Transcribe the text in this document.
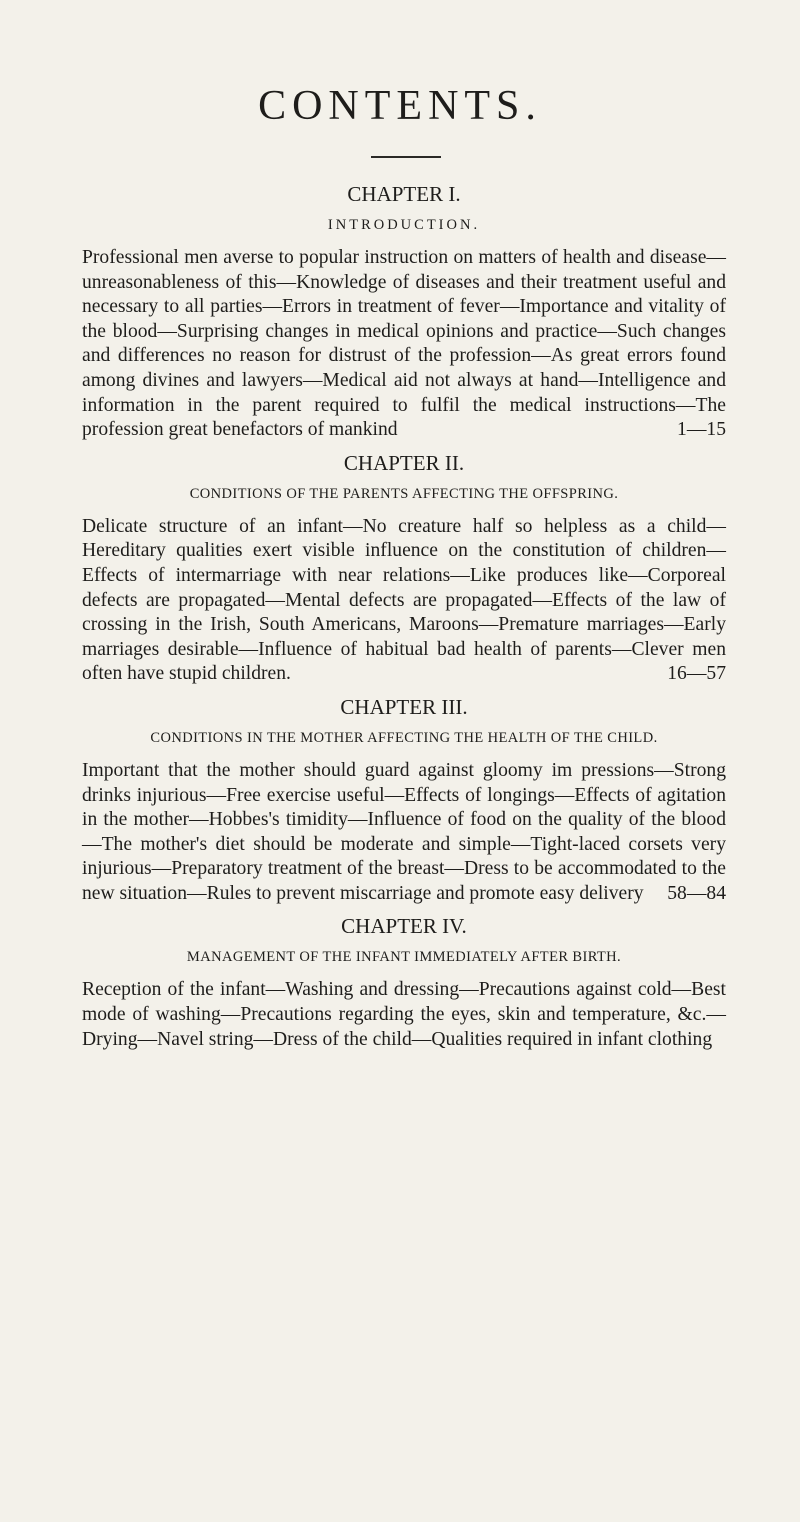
CONTENTS.

CHAPTER I.

INTRODUCTION.

Professional men averse to popular instruction on matters of health and disease—unreasonableness of this—Knowledge of diseases and their treatment useful and necessary to all parties—Errors in treatment of fever—Importance and vitality of the blood—Surprising changes in medical opinions and practice—Such changes and differences no reason for distrust of the profession—As great errors found among divines and lawyers—Medical aid not always at hand—Intelligence and information in the parent required to fulfil the medical instructions—The profession great benefactors of mankind	1—15

CHAPTER II.

CONDITIONS OF THE PARENTS AFFECTING THE OFFSPRING.

Delicate structure of an infant—No creature half so helpless as a child—Hereditary qualities exert visible influence on the constitution of children—Effects of intermarriage with near relations—Like produces like—Corporeal defects are propagated—Mental defects are propagated—Effects of the law of crossing in the Irish, South Americans, Maroons—Premature marriages—Early marriages desirable—Influence of habitual bad health of parents—Clever men often have stupid children.	16—57

CHAPTER III.

CONDITIONS IN THE MOTHER AFFECTING THE HEALTH OF THE CHILD.

Important that the mother should guard against gloomy im pressions—Strong drinks injurious—Free exercise useful—Effects of longings—Effects of agitation in the mother—Hobbes's timidity—Influence of food on the quality of the blood—The mother's diet should be moderate and simple—Tight-laced corsets very injurious—Preparatory treatment of the breast—Dress to be accommodated to the new situation—Rules to prevent miscarriage and promote easy delivery 58—84

CHAPTER IV.

MANAGEMENT OF THE INFANT IMMEDIATELY AFTER BIRTH.

Reception of the infant—Washing and dressing—Precautions against cold—Best mode of washing—Precautions regarding the eyes, skin and temperature, &c.—Drying—Navel string—Dress of the child—Qualities required in infant clothing
